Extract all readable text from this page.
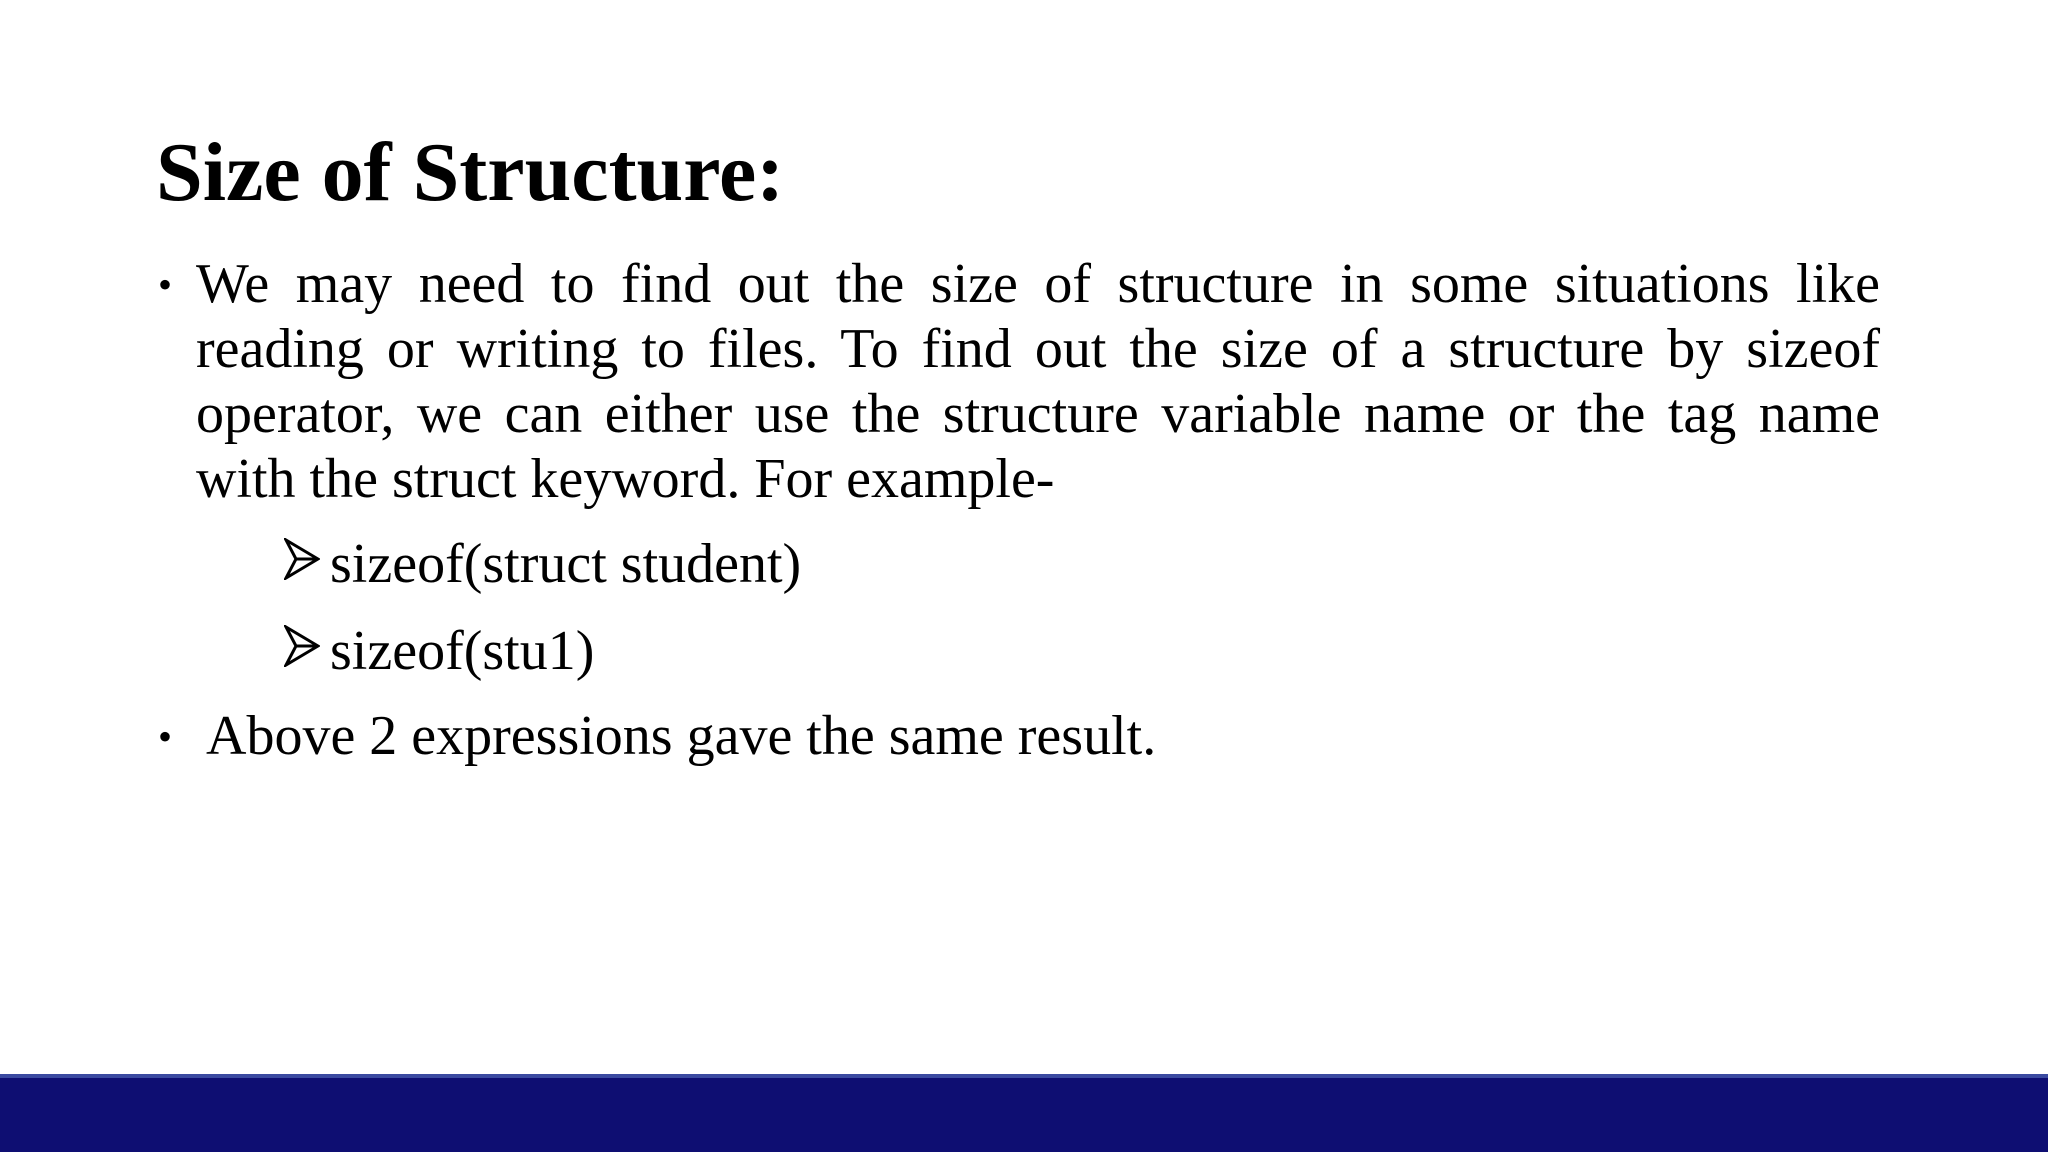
Size of Structure:
• We may need to find out the size of structure in some situations like reading or writing to files. To find out the size of a structure by sizeof operator, we can either use the structure variable name or the tag name with the struct keyword. For example-
sizeof(struct student)
sizeof(stu1)
• Above 2 expressions gave the same result.
